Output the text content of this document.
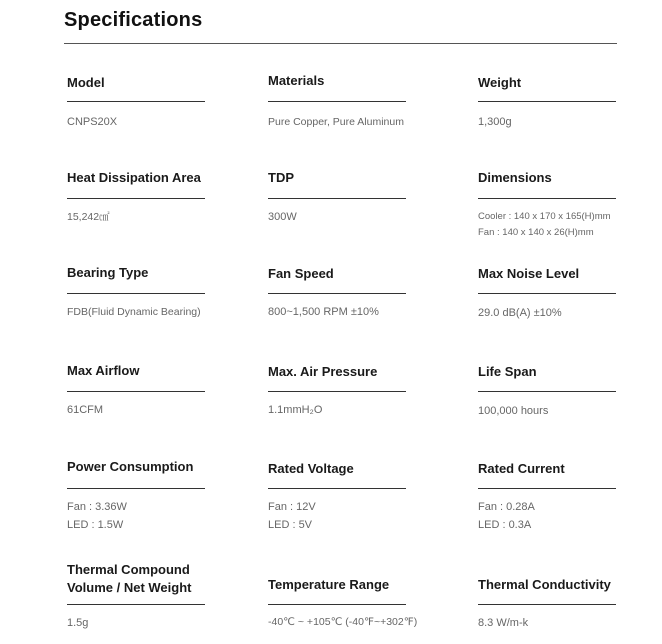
Specifications
Model
CNPS20X
Materials
Pure Copper, Pure Aluminum
Weight
1,300g
Heat Dissipation Area
15,242㎠
TDP
300W
Dimensions
Cooler : 140 x 170 x 165(H)mm
Fan : 140 x 140 x 26(H)mm
Bearing Type
FDB(Fluid Dynamic Bearing)
Fan Speed
800~1,500 RPM ±10%
Max Noise Level
29.0 dB(A) ±10%
Max Airflow
61CFM
Max. Air Pressure
1.1mmH₂O
Life Span
100,000 hours
Power Consumption
Fan : 3.36W
LED : 1.5W
Rated Voltage
Fan : 12V
LED : 5V
Rated Current
Fan : 0.28A
LED : 0.3A
Thermal Compound
Volume / Net Weight
1.5g
Temperature Range
-40℃ ~ +105℃ (-40℉~+302℉)
Thermal Conductivity
8.3 W/m-k
